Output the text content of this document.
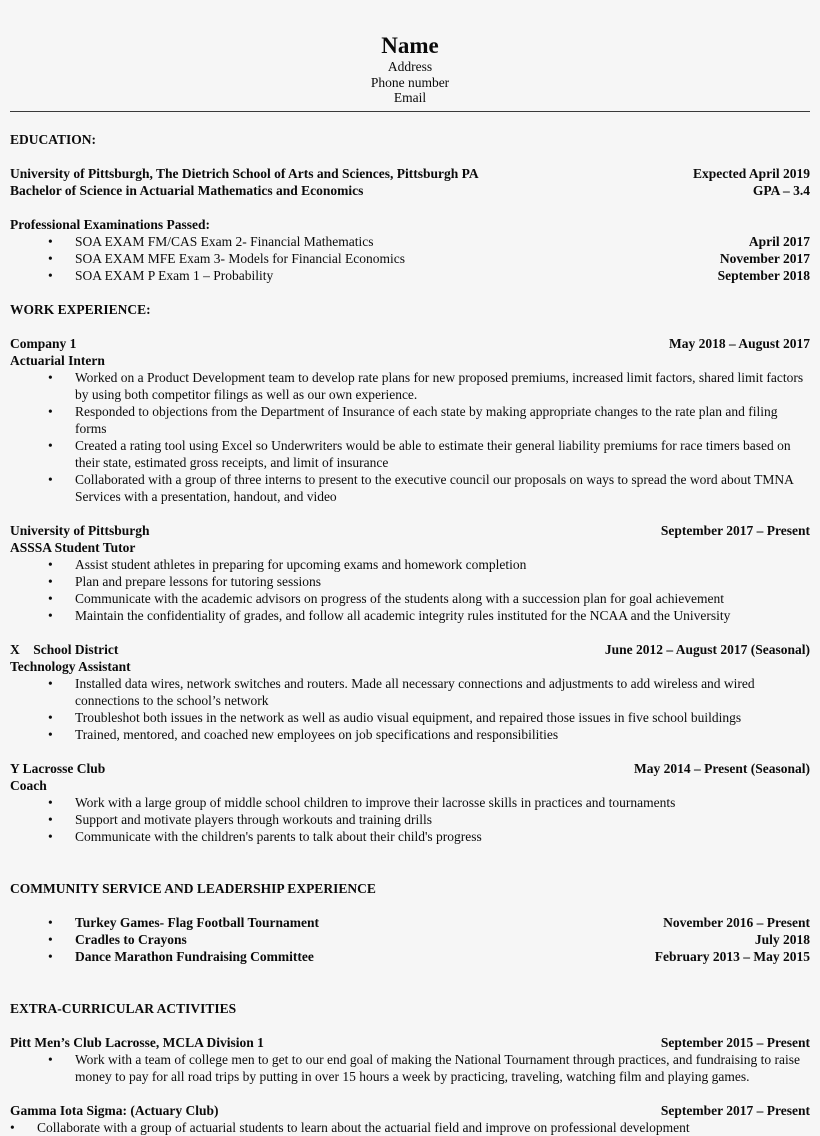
Name
Address
Phone number
Email
EDUCATION:
University of Pittsburgh, The Dietrich School of Arts and Sciences, Pittsburgh PA	Expected April 2019
Bachelor of Science in Actuarial Mathematics and Economics	GPA – 3.4
Professional Examinations Passed:
•
SOA EXAM FM/CAS Exam 2- Financial Mathematics	April 2017
•
SOA EXAM MFE Exam 3- Models for Financial Economics	November 2017
•
SOA EXAM P Exam 1 – Probability	September 2018
WORK EXPERIENCE:
Company 1	May 2018 – August 2017
Actuarial Intern
•
Worked on a Product Development team to develop rate plans for new proposed premiums, increased limit factors, shared limit factors by using both competitor filings as well as our own experience.
•
Responded to objections from the Department of Insurance of each state by making appropriate changes to the rate plan and filing forms
•
Created a rating tool using Excel so Underwriters would be able to estimate their general liability premiums for race timers based on their state, estimated gross receipts, and limit of insurance
•
Collaborated with a group of three interns to present to the executive council our proposals on ways to spread the word about TMNA Services with a presentation, handout, and video
University of Pittsburgh	September 2017 – Present
ASSSA Student Tutor
•
Assist student athletes in preparing for upcoming exams and homework completion
•
Plan and prepare lessons for tutoring sessions
•
Communicate with the academic advisors on progress of the students along with a succession plan for goal achievement
•
Maintain the confidentiality of grades, and follow all academic integrity rules instituted for the NCAA and the University
X    School District	June 2012 – August 2017 (Seasonal)
Technology Assistant
•
Installed data wires, network switches and routers. Made all necessary connections and adjustments to add wireless and wired connections to the school’s network
•
Troubleshot both issues in the network as well as audio visual equipment, and repaired those issues in five school buildings
•
Trained, mentored, and coached new employees on job specifications and responsibilities
Y Lacrosse Club	May 2014 – Present (Seasonal)
Coach
•
Work with a large group of middle school children to improve their lacrosse skills in practices and tournaments
•
Support and motivate players through workouts and training drills
•
Communicate with the children's parents to talk about their child's progress
COMMUNITY SERVICE AND LEADERSHIP EXPERIENCE
•
Turkey Games- Flag Football Tournament	November 2016 – Present
•
Cradles to Crayons	July 2018
•
Dance Marathon Fundraising Committee	February 2013 – May 2015
EXTRA-CURRICULAR ACTIVITIES
Pitt Men’s Club Lacrosse, MCLA Division 1	September 2015 – Present
•
Work with a team of college men to get to our end goal of making the National Tournament through practices, and fundraising to raise money to pay for all road trips by putting in over 15 hours a week by practicing, traveling, watching film and playing games.
Gamma Iota Sigma: (Actuary Club)	September 2017 – Present
•
Collaborate with a group of actuarial students to learn about the actuarial field and improve on professional development
